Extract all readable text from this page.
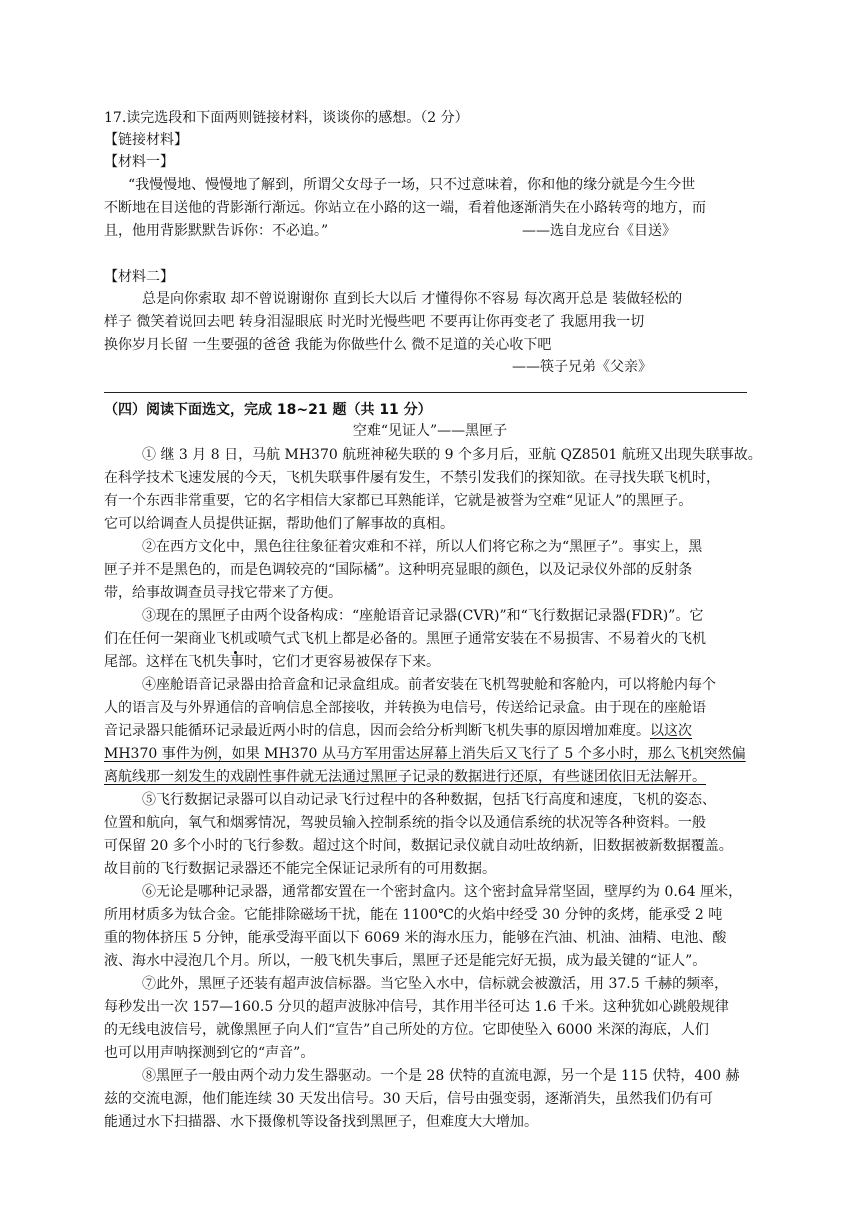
17.读完选段和下面两则链接材料，谈谈你的感想。（2 分）
【链接材料】
【材料一】
“我慢慢地、慢慢地了解到，所谓父女母子一场，只不过意味着，你和他的缘分就是今生今世
不断地在目送他的背影渐行渐远。你站立在小路的这一端，看着他逐渐消失在小路转弯的地方，而
且，他用背影默默告诉你：不必追。”	——选自龙应台《目送》
【材料二】
总是向你索取 却不曾说谢谢你 直到长大以后 才懂得你不容易 每次离开总是 装做轻松的
样子 微笑着说回去吧 转身泪湿眼底 时光时光慢些吧 不要再让你再变老了 我愿用我一切
换你岁月长留 一生要强的爸爸 我能为你做些什么 微不足道的关心收下吧
——筷子兄弟《父亲》
（四）阅读下面选文，完成 18~21 题（共 11 分）
空难“见证人”——黑匣子
① 继 3 月 8 日，马航 MH370 航班神秘失联的 9 个多月后，亚航 QZ8501 航班又出现失联事故。
在科学技术飞速发展的今天，飞机失联事件屡有发生，不禁引发我们的探知欲。在寻找失联飞机时，
有一个东西非常重要，它的名字相信大家都已耳熟能详，它就是被誉为空难“见证人”的黑匣子。
它可以给调查人员提供证据，帮助他们了解事故的真相。
②在西方文化中，黑色往往象征着灾难和不祥，所以人们将它称之为“黑匣子”。事实上，黑
匣子并不是黑色的，而是色调较亮的“国际橘”。这种明亮显眼的颜色，以及记录仪外部的反射条
带，给事故调查员寻找它带来了方便。
③现在的黑匣子由两个设备构成：“座舱语音记录器(CVR)”和“飞行数据记录器(FDR)”。它
们在任何一架商业飞机或喷气式飞机上都是必备的。黑匣子通常安装在不易损害、不易着火的飞机
尾部。这样在飞机失事时，它们才更容易被保存下来。
④座舱语音记录器由拾音盒和记录盒组成。前者安装在飞机驾驶舱和客舱内，可以将舱内每个
人的语言及与外界通信的音响信息全部接收，并转换为电信号，传送给记录盒。由于现在的座舱语
音记录器只能循环记录最近两小时的信息，因而会给分析判断飞机失事的原因增加难度。以这次
MH370 事件为例，如果 MH370 从马方军用雷达屏幕上消失后又飞行了 5 个多小时，那么飞机突然偏
离航线那一刻发生的戏剧性事件就无法通过黑匣子记录的数据进行还原，有些谜团依旧无法解开。
⑤飞行数据记录器可以自动记录飞行过程中的各种数据，包括飞行高度和速度，飞机的姿态、
位置和航向，氧气和烟雾情况，驾驶员输入控制系统的指令以及通信系统的状况等各种资料。一般
可保留 20 多个小时的飞行参数。超过这个时间，数据记录仪就自动吐故纳新，旧数据被新数据覆盖。
故目前的飞行数据记录器还不能完全保证记录所有的可用数据。
⑥无论是哪种记录器，通常都安置在一个密封盒内。这个密封盒异常坚固，壁厚约为 0.64 厘米，
所用材质多为钛合金。它能排除磁场干扰，能在 1100℃的火焰中经受 30 分钟的炙烤，能承受 2 吨
重的物体挤压 5 分钟，能承受海平面以下 6069 米的海水压力，能够在汽油、机油、油精、电池、酸
液、海水中浸泡几个月。所以，一般飞机失事后，黑匣子还是能完好无损，成为最关键的“证人”。
⑦此外，黑匣子还装有超声波信标器。当它坠入水中，信标就会被激活，用 37.5 千赫的频率，
每秒发出一次 157—160.5 分贝的超声波脉冲信号，其作用半径可达 1.6 千米。这种犹如心跳般规律
的无线电波信号，就像黑匣子向人们“宣告”自己所处的方位。它即使坠入 6000 米深的海底，人们
也可以用声呐探测到它的“声音”。
⑧黑匣子一般由两个动力发生器驱动。一个是 28 伏特的直流电源，另一个是 115 伏特，400 赫
兹的交流电源，他们能连续 30 天发出信号。30 天后，信号由强变弱，逐渐消失，虽然我们仍有可
能通过水下扫描器、水下摄像机等设备找到黑匣子，但难度大大增加。
